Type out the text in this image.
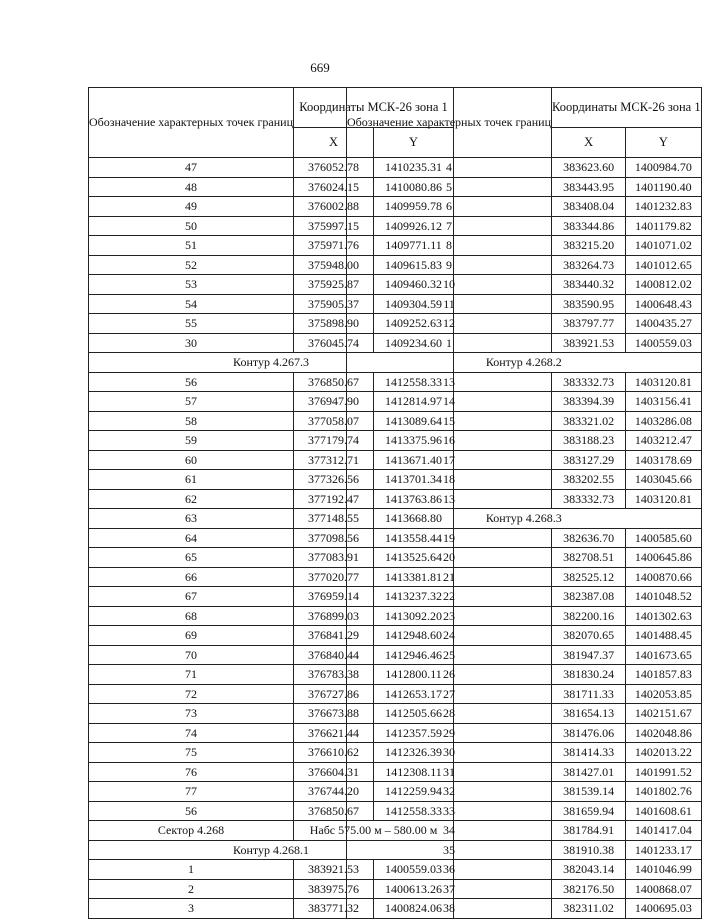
669
Обозначение характерных точек границ	Координаты МСК-26 зона 1	
	X	Y
47	376052.78	1410235.31
48	376024.15	1410080.86
49	376002.88	1409959.78
50	375997.15	1409926.12
51	375971.76	1409771.11
52	375948.00	1409615.83
53	375925.87	1409460.32
54	375905.37	1409304.59
55	375898.90	1409252.63
30	376045.74	1409234.60
Контур 4.267.3		
56	376850.67	1412558.33
57	376947.90	1412814.97
58	377058.07	1413089.64
59	377179.74	1413375.96
60	377312.71	1413671.40
61	377326.56	1413701.34
62	377192.47	1413763.86
63	377148.55	1413668.80
64	377098.56	1413558.44
65	377083.91	1413525.64
66	377020.77	1413381.81
67	376959.14	1413237.32
68	376899.03	1413092.20
69	376841.29	1412948.60
70	376840.44	1412946.46
71	376783.38	1412800.11
72	376727.86	1412653.17
73	376673.88	1412505.66
74	376621.44	1412357.59
75	376610.62	1412326.39
76	376604.31	1412308.11
77	376744.20	1412259.94
56	376850.67	1412558.33
Сектор 4.268	Набс 575.00 м – 580.00 м	
Контур 4.268.1		
1	383921.53	1400559.03
2	383975.76	1400613.26
3	383771.32	1400824.06
Обозначение характерных точек границ	Координаты МСК-26 зона 1	
	X	Y
4	383623.60	1400984.70
5	383443.95	1401190.40
6	383408.04	1401232.83
7	383344.86	1401179.82
8	383215.20	1401071.02
9	383264.73	1401012.65
10	383440.32	1400812.02
11	383590.95	1400648.43
12	383797.77	1400435.27
1	383921.53	1400559.03
Контур 4.268.2		
13	383332.73	1403120.81
14	383394.39	1403156.41
15	383321.02	1403286.08
16	383188.23	1403212.47
17	383127.29	1403178.69
18	383202.55	1403045.66
13	383332.73	1403120.81
Контур 4.268.3		
19	382636.70	1400585.60
20	382708.51	1400645.86
21	382525.12	1400870.66
22	382387.08	1401048.52
23	382200.16	1401302.63
24	382070.65	1401488.45
25	381947.37	1401673.65
26	381830.24	1401857.83
27	381711.33	1402053.85
28	381654.13	1402151.67
29	381476.06	1402048.86
30	381414.33	1402013.22
31	381427.01	1401991.52
32	381539.14	1401802.76
33	381659.94	1401608.61
34	381784.91	1401417.04
35	381910.38	1401233.17
36	382043.14	1401046.99
37	382176.50	1400868.07
38	382311.02	1400695.03
